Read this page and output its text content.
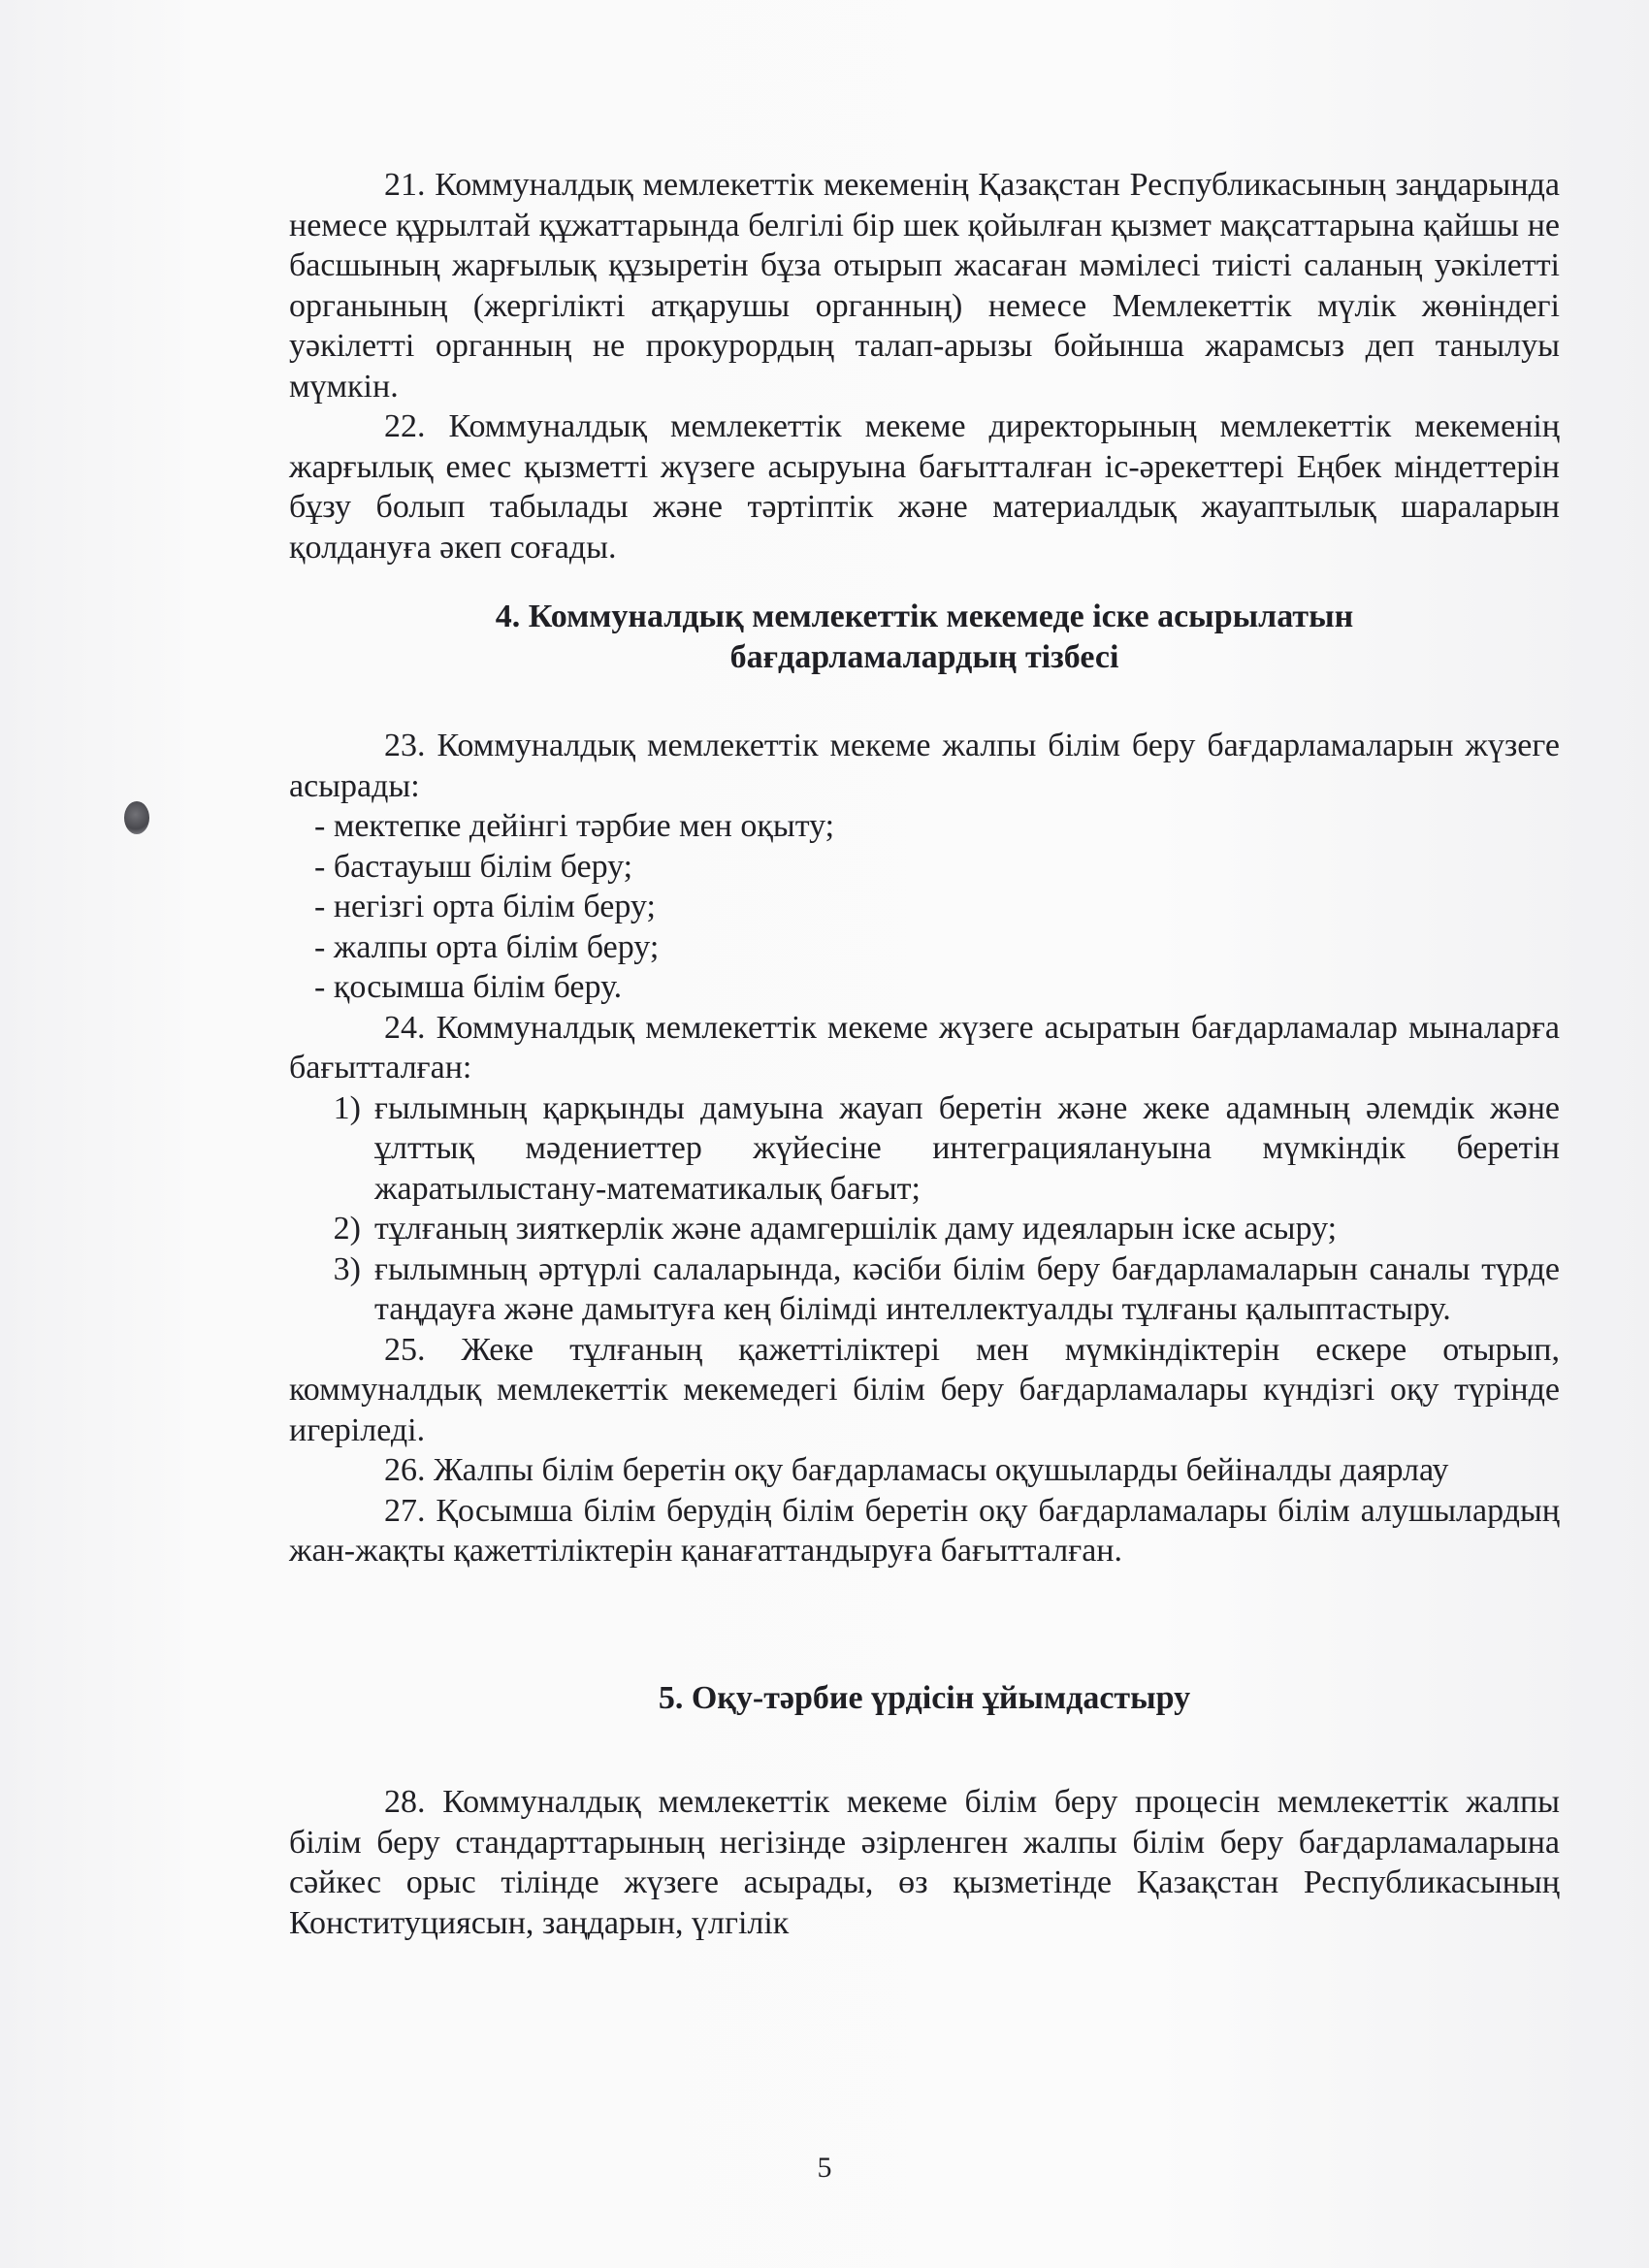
21. Коммуналдық мемлекеттік мекеменің Қазақстан Республикасының заңдарында немесе құрылтай құжаттарында белгілі бір шек қойылған қызмет мақсаттарына қайшы не басшының жарғылық құзыретін бұза отырып жасаған мәмілесі тиісті саланың уәкілетті органының (жергілікті атқарушы органның) немесе Мемлекеттік мүлік жөніндегі уәкілетті органның не прокурордың талап-арызы бойынша жарамсыз деп танылуы мүмкін.

22. Коммуналдық мемлекеттік мекеме директорының мемлекеттік мекеменің жарғылық емес қызметті жүзеге асыруына бағытталған іс-әрекеттері Еңбек міндеттерін бұзу болып табылады және тәртіптік және материалдық жауаптылық шараларын қолдануға әкеп соғады.

4. Коммуналдық мемлекеттік мекемеде іске асырылатын
бағдарламалардың тізбесі

23. Коммуналдық мемлекеттік мекеме жалпы білім беру бағдарламаларын жүзеге асырады:

- мектепке дейінгі тәрбие мен оқыту;

- бастауыш білім беру;

- негізгі орта білім беру;

- жалпы орта білім беру;

- қосымша білім беру.

24. Коммуналдық мемлекеттік мекеме жүзеге асыратын бағдарламалар мыналарға бағытталған:

1) ғылымның қарқынды дамуына жауап беретін және жеке адамның әлемдік және ұлттық мәдениеттер жүйесіне интеграциялануына мүмкіндік беретін жаратылыстану-математикалық бағыт;
2) тұлғаның зияткерлік және адамгершілік даму идеяларын іске асыру;
3) ғылымның әртүрлі салаларында, кәсіби білім беру бағдарламаларын саналы түрде таңдауға және дамытуға кең білімді интеллектуалды тұлғаны қалыптастыру.

25. Жеке тұлғаның қажеттіліктері мен мүмкіндіктерін ескере отырып, коммуналдық мемлекеттік мекемедегі білім беру бағдарламалары күндізгі оқу түрінде игеріледі.

26. Жалпы білім беретін оқу бағдарламасы оқушыларды бейіналды даярлау

27. Қосымша білім берудің білім беретін оқу бағдарламалары білім алушылардың жан-жақты қажеттіліктерін қанағаттандыруға бағытталған.

5. Оқу-тәрбие үрдісін ұйымдастыру

28. Коммуналдық мемлекеттік мекеме білім беру процесін мемлекеттік жалпы білім беру стандарттарының негізінде әзірленген жалпы білім беру бағдарламаларына сәйкес орыс тілінде жүзеге асырады, өз қызметінде Қазақстан Республикасының Конституциясын, заңдарын, үлгілік

5
